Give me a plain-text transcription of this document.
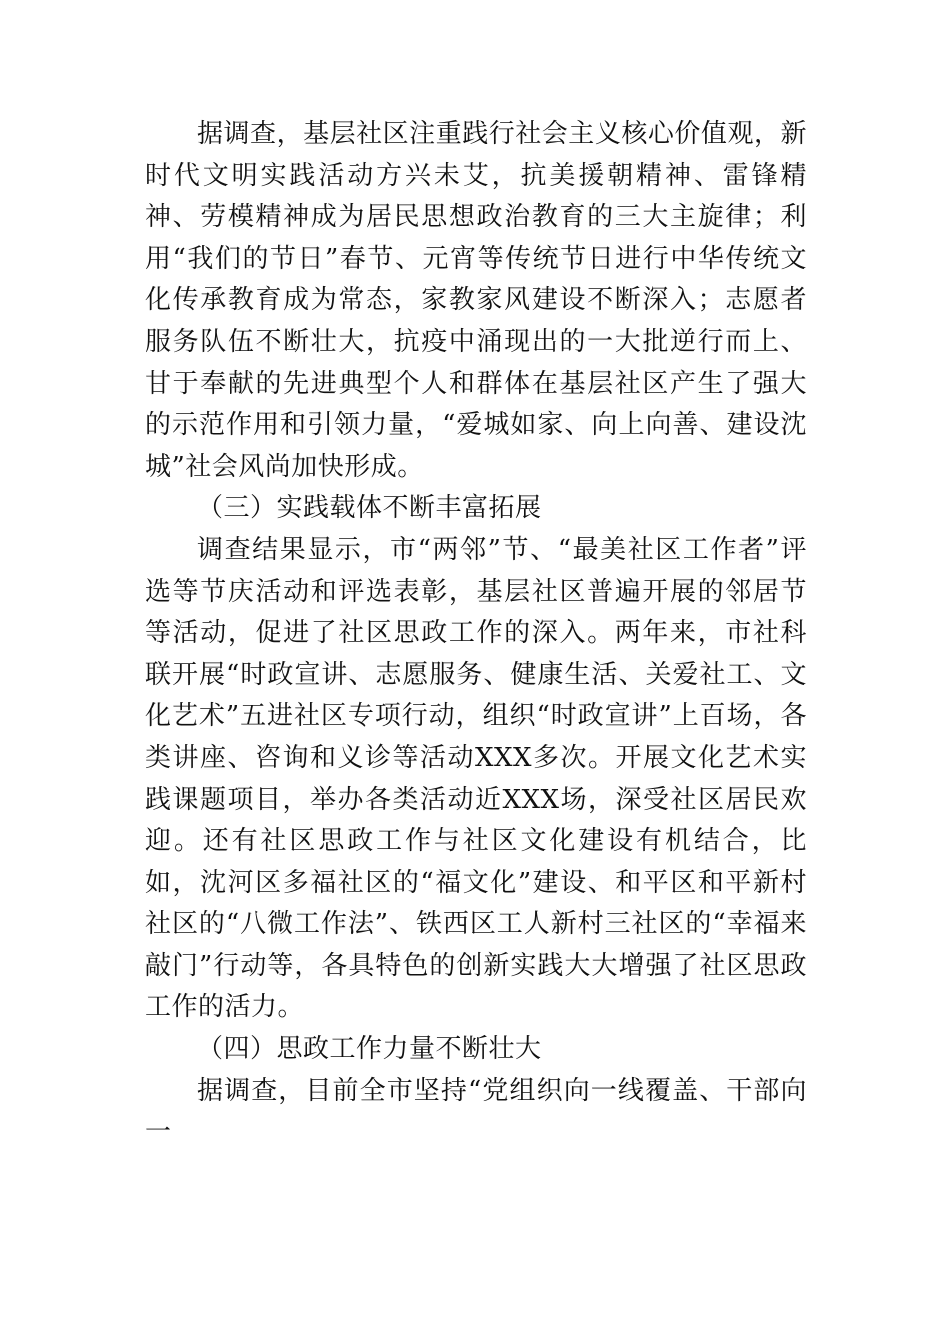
据调查，基层社区注重践行社会主义核心价值观，新时代文明实践活动方兴未艾，抗美援朝精神、雷锋精神、劳模精神成为居民思想政治教育的三大主旋律；利用“我们的节日”春节、元宵等传统节日进行中华传统文化传承教育成为常态，家教家风建设不断深入；志愿者服务队伍不断壮大，抗疫中涌现出的一大批逆行而上、甘于奉献的先进典型个人和群体在基层社区产生了强大的示范作用和引领力量，“爱城如家、向上向善、建设沈城”社会风尚加快形成。

（三）实践载体不断丰富拓展

调查结果显示，市“两邻”节、“最美社区工作者”评选等节庆活动和评选表彰，基层社区普遍开展的邻居节等活动，促进了社区思政工作的深入。两年来，市社科联开展“时政宣讲、志愿服务、健康生活、关爱社工、文化艺术”五进社区专项行动，组织“时政宣讲”上百场，各类讲座、咨询和义诊等活动XXX多次。开展文化艺术实践课题项目，举办各类活动近XXX场，深受社区居民欢迎。还有社区思政工作与社区文化建设有机结合，比如，沈河区多福社区的“福文化”建设、和平区和平新村社区的“八微工作法”、铁西区工人新村三社区的“幸福来敲门”行动等，各具特色的创新实践大大增强了社区思政工作的活力。

（四）思政工作力量不断壮大

据调查，目前全市坚持“党组织向一线覆盖、干部向一
